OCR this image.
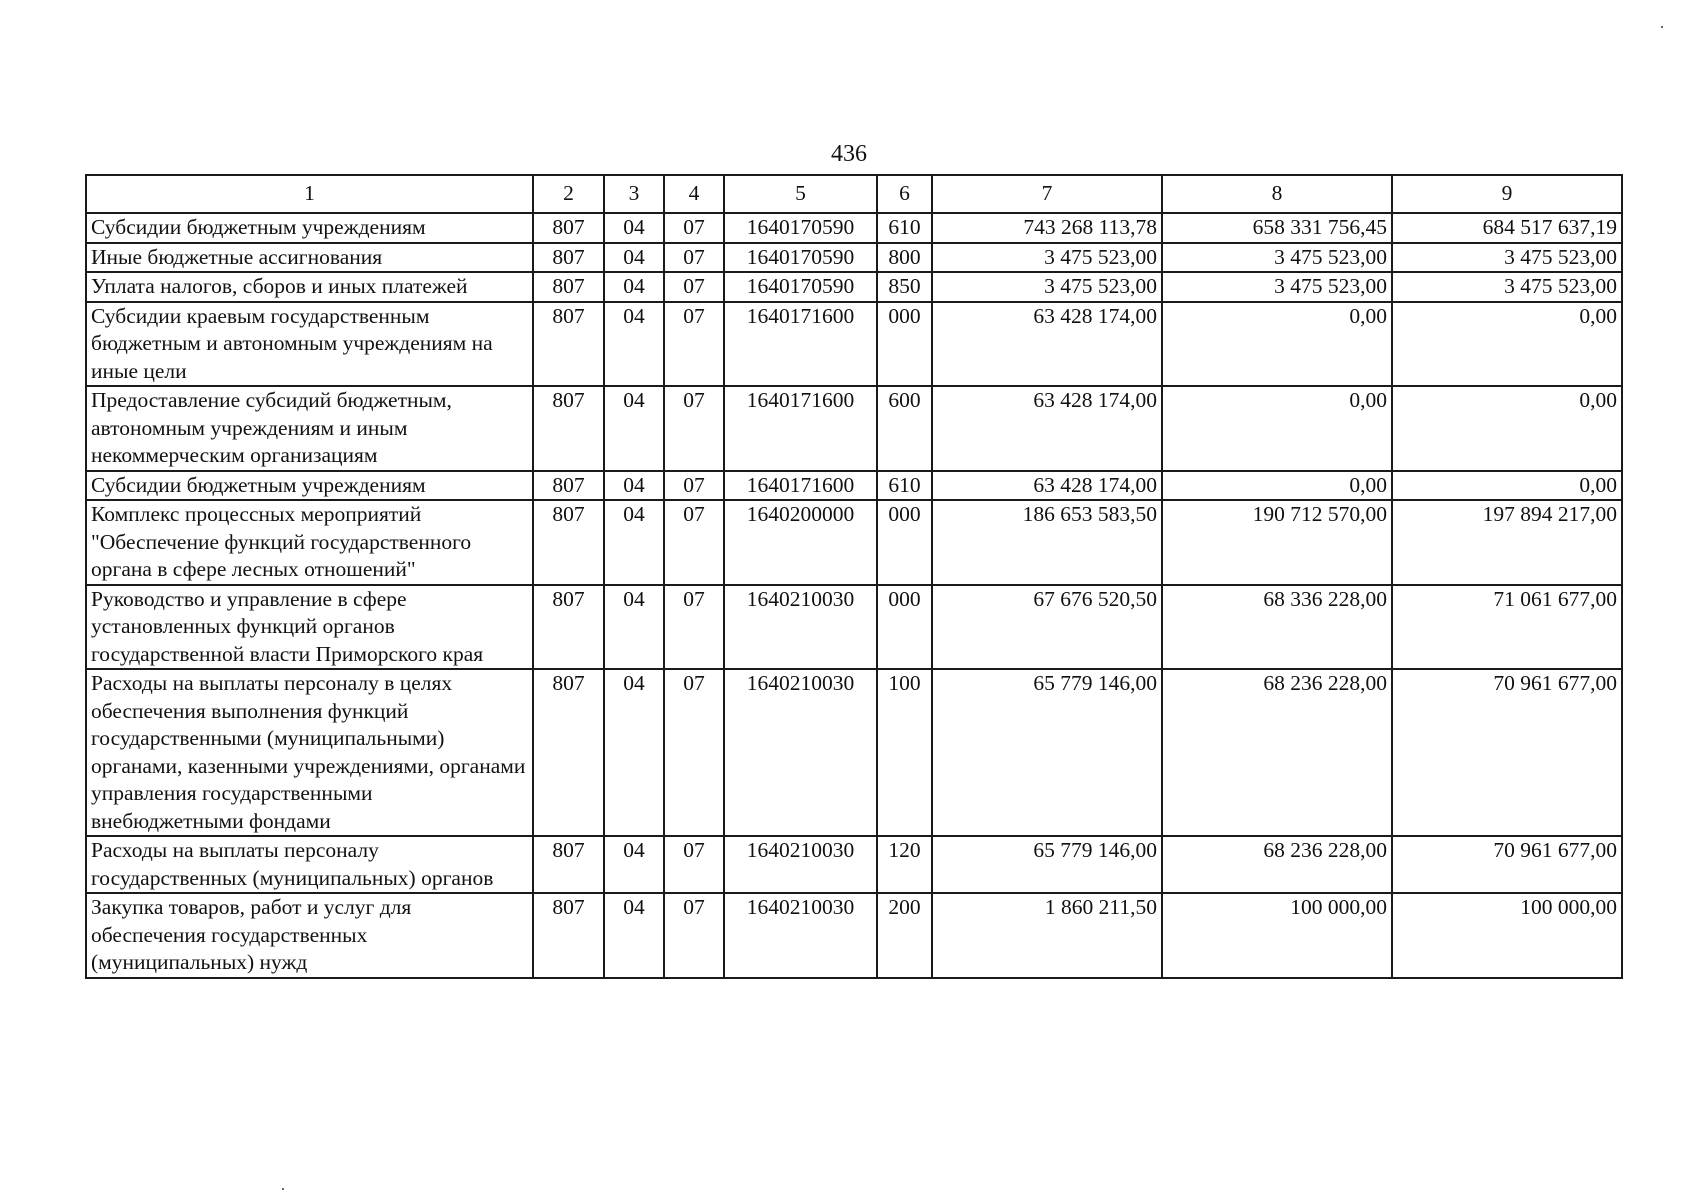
436
1	2	3	4	5	6	7	8	9
Субсидии бюджетным учреждениям	807	04	07	1640170590	610	743 268 113,78	658 331 756,45	684 517 637,19
Иные бюджетные ассигнования	807	04	07	1640170590	800	3 475 523,00	3 475 523,00	3 475 523,00
Уплата налогов, сборов и иных платежей	807	04	07	1640170590	850	3 475 523,00	3 475 523,00	3 475 523,00
Субсидии краевым государственным бюджетным и автономным учреждениям на иные цели	807	04	07	1640171600	000	63 428 174,00	0,00	0,00
Предоставление субсидий бюджетным, автономным учреждениям и иным некоммерческим организациям	807	04	07	1640171600	600	63 428 174,00	0,00	0,00
Субсидии бюджетным учреждениям	807	04	07	1640171600	610	63 428 174,00	0,00	0,00
Комплекс процессных мероприятий "Обеспечение функций государственного органа в сфере лесных отношений"	807	04	07	1640200000	000	186 653 583,50	190 712 570,00	197 894 217,00
Руководство и управление в сфере установленных функций органов государственной власти Приморского края	807	04	07	1640210030	000	67 676 520,50	68 336 228,00	71 061 677,00
Расходы на выплаты персоналу в целях обеспечения выполнения функций государственными (муниципальными) органами, казенными учреждениями, органами управления государственными внебюджетными фондами	807	04	07	1640210030	100	65 779 146,00	68 236 228,00	70 961 677,00
Расходы на выплаты персоналу государственных (муниципальных) органов	807	04	07	1640210030	120	65 779 146,00	68 236 228,00	70 961 677,00
Закупка товаров, работ и услуг для обеспечения государственных (муниципальных) нужд	807	04	07	1640210030	200	1 860 211,50	100 000,00	100 000,00
